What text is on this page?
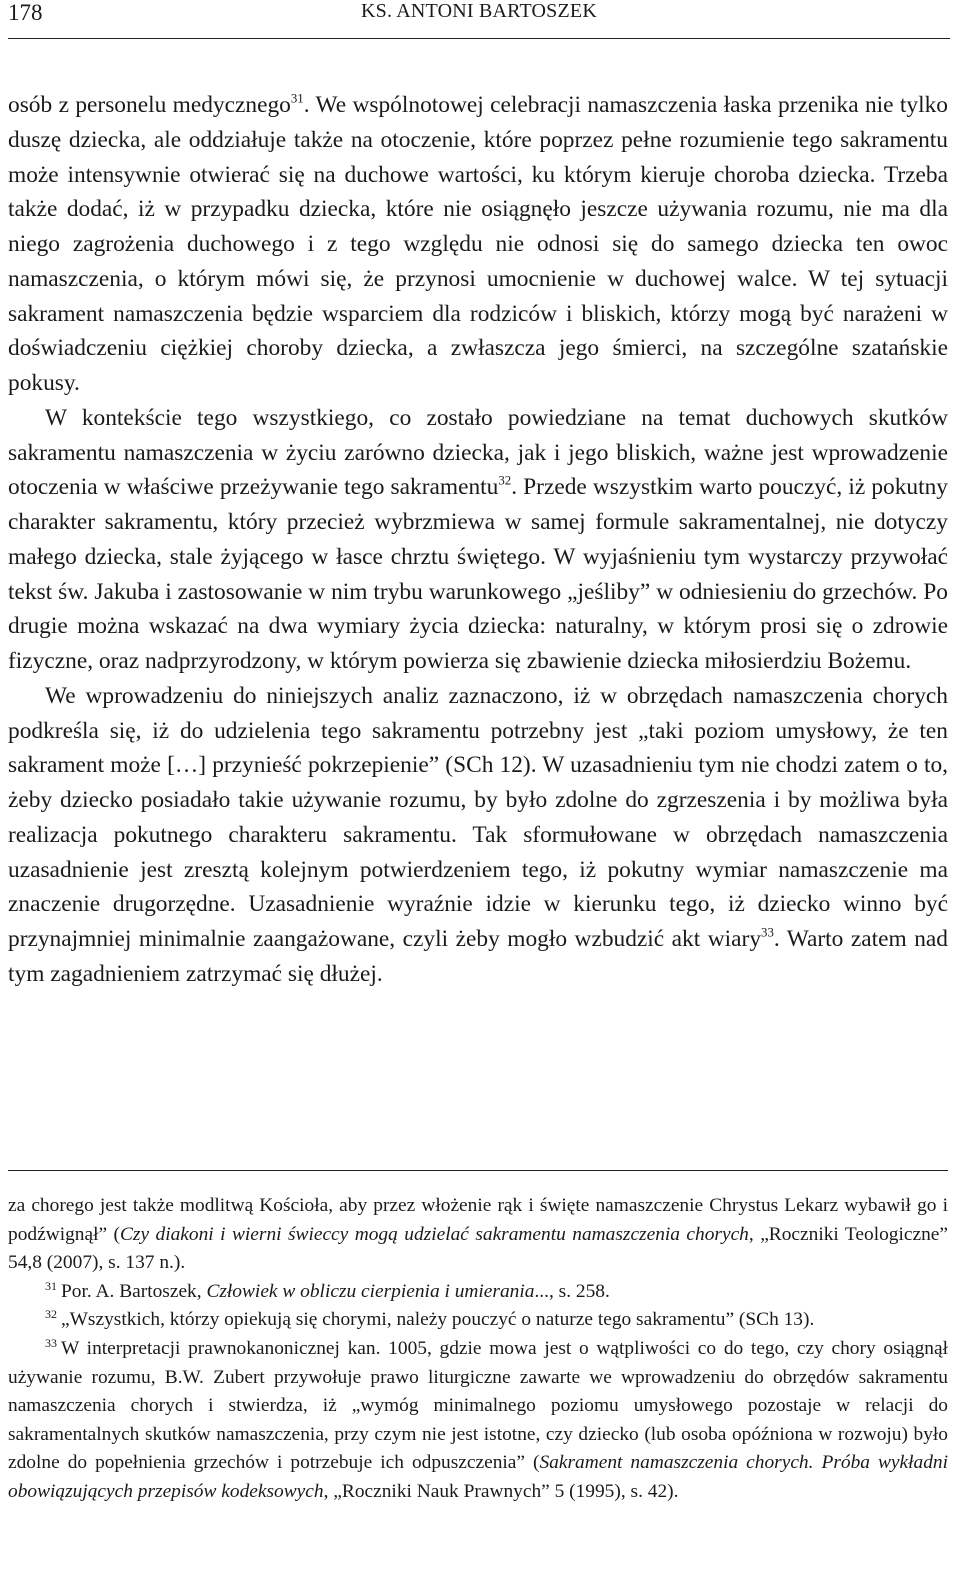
178	KS. ANTONI BARTOSZEK

osób z personelu medycznego$^{31}$. We wspólnotowej celebracji namaszczenia łaska przenika nie tylko duszę dziecka, ale oddziałuje także na otoczenie, które poprzez pełne rozumienie tego sakramentu może intensywnie otwierać się na duchowe wartości, ku którym kieruje choroba dziecka. Trzeba także dodać, iż w przypadku dziecka, które nie osiągnęło jeszcze używania rozumu, nie ma dla niego zagrożenia duchowego i z tego względu nie odnosi się do samego dziecka ten owoc namaszczenia, o którym mówi się, że przynosi umocnienie w duchowej walce. W tej sytuacji sakrament namaszczenia będzie wsparciem dla rodziców i bliskich, którzy mogą być narażeni w doświadczeniu ciężkiej choroby dziecka, a zwłaszcza jego śmierci, na szczególne szatańskie pokusy.

W kontekście tego wszystkiego, co zostało powiedziane na temat duchowych skutków sakramentu namaszczenia w życiu zarówno dziecka, jak i jego bliskich, ważne jest wprowadzenie otoczenia w właściwe przeżywanie tego sakramentu$^{32}$. Przede wszystkim warto pouczyć, iż pokutny charakter sakramentu, który przecież wybrzmiewa w samej formule sakramentalnej, nie dotyczy małego dziecka, stale żyjącego w łasce chrztu świętego. W wyjaśnieniu tym wystarczy przywołać tekst św. Jakuba i zastosowanie w nim trybu warunkowego „jeśliby” w odniesieniu do grzechów. Po drugie można wskazać na dwa wymiary życia dziecka: naturalny, w którym prosi się o zdrowie fizyczne, oraz nadprzyrodzony, w którym powierza się zbawienie dziecka miłosierdziu Bożemu.

We wprowadzeniu do niniejszych analiz zaznaczono, iż w obrzędach namaszczenia chorych podkreśla się, iż do udzielenia tego sakramentu potrzebny jest „taki poziom umysłowy, że ten sakrament może […] przynieść pokrzepienie” (SCh 12). W uzasadnieniu tym nie chodzi zatem o to, żeby dziecko posiadało takie używanie rozumu, by było zdolne do zgrzeszenia i by możliwa była realizacja pokutnego charakteru sakramentu. Tak sformułowane w obrzędach namaszczenia uzasadnienie jest zresztą kolejnym potwierdzeniem tego, iż pokutny wymiar namaszczenie ma znaczenie drugorzędne. Uzasadnienie wyraźnie idzie w kierunku tego, iż dziecko winno być przynajmniej minimalnie zaangażowane, czyli żeby mogło wzbudzić akt wiary$^{33}$. Warto zatem nad tym zagadnieniem zatrzymać się dłużej.

za chorego jest także modlitwą Kościoła, aby przez włożenie rąk i święte namaszczenie Chrystus Lekarz wybawił go i podźwignął” (Czy diakoni i wierni świeccy mogą udzielać sakramentu namaszczenia chorych, „Roczniki Teologiczne” 54,8 (2007), s. 137 n.).

$^{31}$ Por. A. Bartoszek, Człowiek w obliczu cierpienia i umierania..., s. 258.

$^{32}$ „Wszystkich, którzy opiekują się chorymi, należy pouczyć o naturze tego sakramentu” (SCh 13).

$^{33}$ W interpretacji prawnokanonicznej kan. 1005, gdzie mowa jest o wątpliwości co do tego, czy chory osiągnął używanie rozumu, B.W. Zubert przywołuje prawo liturgiczne zawarte we wprowadzeniu do obrzędów sakramentu namaszczenia chorych i stwierdza, iż „wymóg minimalnego poziomu umysłowego pozostaje w relacji do sakramentalnych skutków namaszczenia, przy czym nie jest istotne, czy dziecko (lub osoba opóźniona w rozwoju) było zdolne do popełnienia grzechów i potrzebuje ich odpuszczenia” (Sakrament namaszczenia chorych. Próba wykładni obowiązujących przepisów kodeksowych, „Roczniki Nauk Prawnych” 5 (1995), s. 42).
